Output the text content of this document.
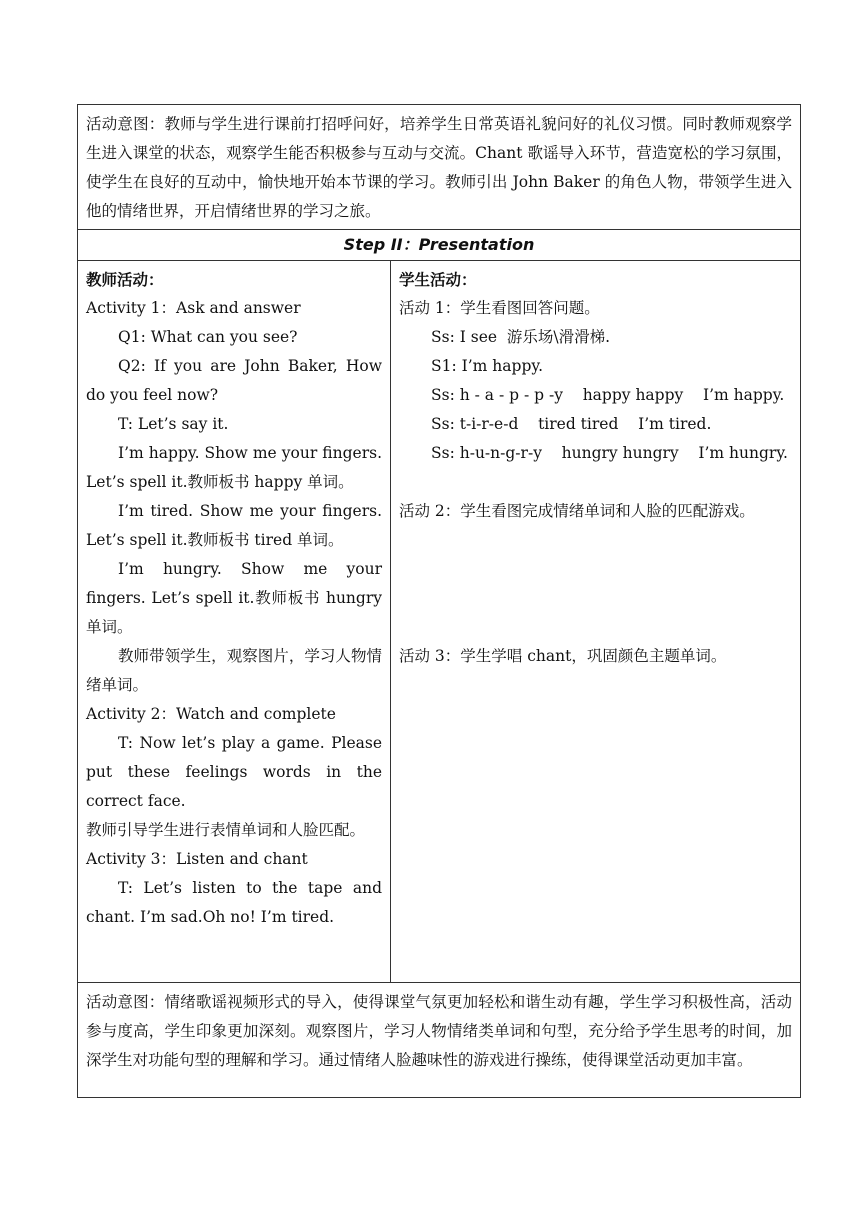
活动意图：教师与学生进行课前打招呼问好，培养学生日常英语礼貌问好的礼仪习惯。同时教师观察学生进入课堂的状态，观察学生能否积极参与互动与交流。Chant 歌谣导入环节，营造宽松的学习氛围，使学生在良好的互动中，愉快地开始本节课的学习。教师引出 John Baker 的角色人物，带领学生进入他的情绪世界，开启情绪世界的学习之旅。

Step II：Presentation

教师活动：
Activity 1：Ask and answer
Q1: What can you see?
Q2: If you are John Baker, How do you feel now?
T: Let’s say it.
I’m happy. Show me your fingers. Let’s spell it.教师板书 happy 单词。
I’m tired. Show me your fingers. Let’s spell it.教师板书 tired 单词。
I’m hungry. Show me your fingers. Let’s spell it.教师板书 hungry 单词。
教师带领学生，观察图片，学习人物情绪单词。
Activity 2：Watch and complete
T: Now let’s play a game. Please put these feelings words in the correct face.
教师引导学生进行表情单词和人脸匹配。
Activity 3：Listen and chant
T: Let’s listen to the tape and chant. I’m sad.Oh no! I’m tired.

学生活动：
活动 1：学生看图回答问题。
Ss: I see  游乐场\滑滑梯.
S1: I’m happy.
Ss: h - a - p - p -y    happy happy    I’m happy.
Ss: t-i-r-e-d    tired tired    I’m tired.
Ss: h-u-n-g-r-y    hungry hungry    I’m hungry.
活动 2：学生看图完成情绪单词和人脸的匹配游戏。
活动 3：学生学唱 chant，巩固颜色主题单词。

活动意图：情绪歌谣视频形式的导入，使得课堂气氛更加轻松和谐生动有趣，学生学习积极性高，活动参与度高，学生印象更加深刻。观察图片，学习人物情绪类单词和句型，充分给予学生思考的时间，加深学生对功能句型的理解和学习。通过情绪人脸趣味性的游戏进行操练，使得课堂活动更加丰富。
